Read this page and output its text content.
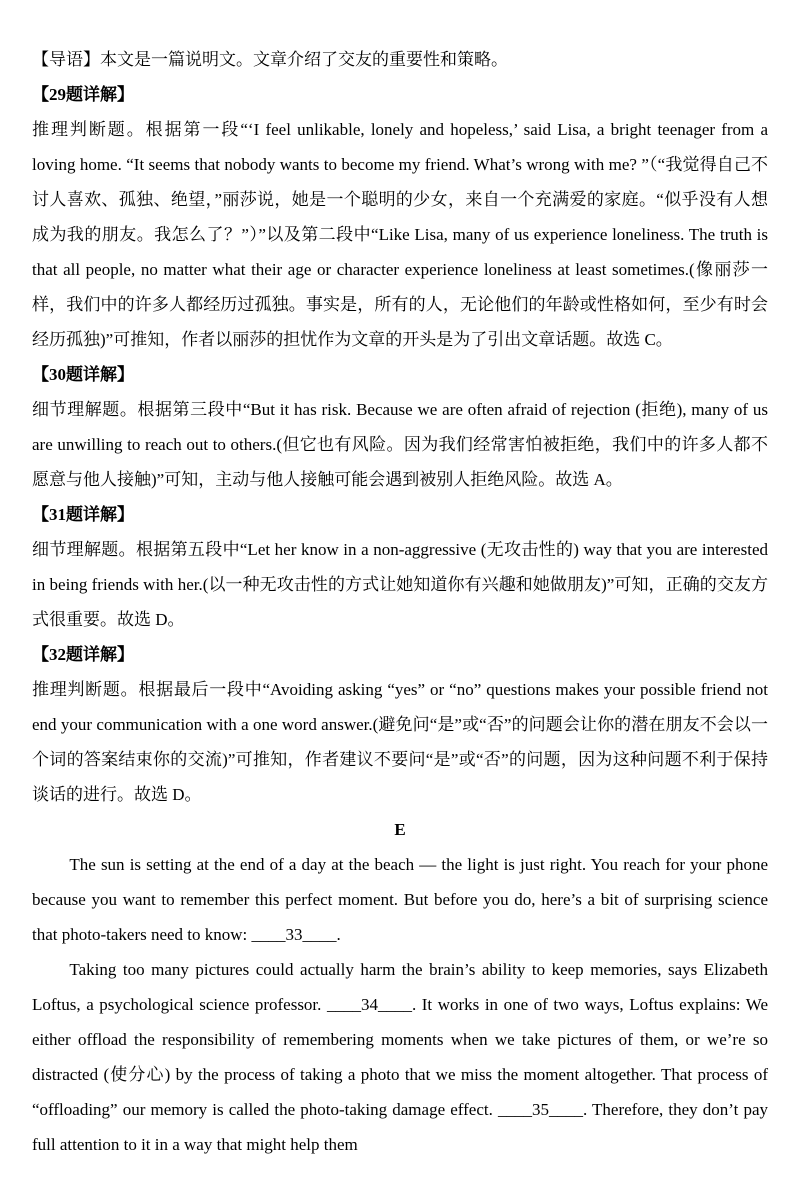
【导语】本文是一篇说明文。文章介绍了交友的重要性和策略。

【29题详解】

推理判断题。根据第一段“‘I feel unlikable, lonely and hopeless,’ said Lisa, a bright teenager from a loving home. “It seems that nobody wants to become my friend. What’s wrong with me? ”（“我觉得自己不讨人喜欢、孤独、绝望，”丽莎说，她是一个聪明的少女，来自一个充满爱的家庭。“似乎没有人想成为我的朋友。我怎么了？”）”以及第二段中“Like Lisa, many of us experience loneliness. The truth is that all people, no matter what their age or character experience loneliness at least sometimes.(像丽莎一样，我们中的许多人都经历过孤独。事实是，所有的人，无论他们的年龄或性格如何，至少有时会经历孤独)”可推知，作者以丽莎的担忧作为文章的开头是为了引出文章话题。故选 C。

【30题详解】

细节理解题。根据第三段中“But it has risk. Because we are often afraid of rejection (拒绝), many of us are unwilling to reach out to others.(但它也有风险。因为我们经常害怕被拒绝，我们中的许多人都不愿意与他人接触)”可知，主动与他人接触可能会遇到被别人拒绝风险。故选 A。

【31题详解】

细节理解题。根据第五段中“Let her know in a non-aggressive (无攻击性的) way that you are interested in being friends with her.(以一种无攻击性的方式让她知道你有兴趣和她做朋友)”可知，正确的交友方式很重要。故选 D。

【32题详解】

推理判断题。根据最后一段中“Avoiding asking “yes” or “no” questions makes your possible friend not end your communication with a one word answer.(避免问“是”或“否”的问题会让你的潜在朋友不会以一个词的答案结束你的交流)”可推知，作者建议不要问“是”或“否”的问题，因为这种问题不利于保持谈话的进行。故选 D。

E

The sun is setting at the end of a day at the beach — the light is just right. You reach for your phone because you want to remember this perfect moment. But before you do, here’s a bit of surprising science that photo-takers need to know: ____33____.

Taking too many pictures could actually harm the brain’s ability to keep memories, says Elizabeth Loftus, a psychological science professor. ____34____. It works in one of two ways, Loftus explains: We either offload the responsibility of remembering moments when we take pictures of them, or we’re so distracted (使分心) by the process of taking a photo that we miss the moment altogether. That process of “offloading” our memory is called the photo-taking damage effect. ____35____. Therefore, they don’t pay full attention to it in a way that might help them
